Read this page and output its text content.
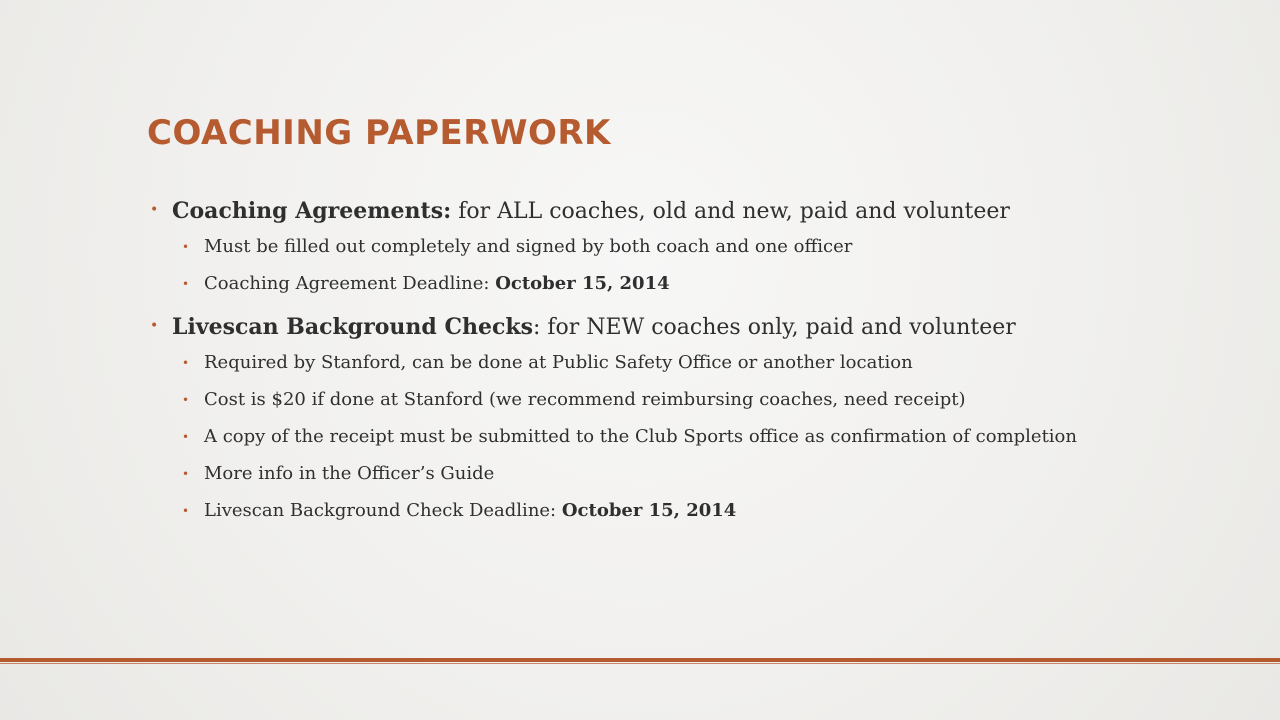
COACHING PAPERWORK
• Coaching Agreements: for ALL coaches, old and new, paid and volunteer
• Must be filled out completely and signed by both coach and one officer
• Coaching Agreement Deadline: October 15, 2014
• Livescan Background Checks: for NEW coaches only, paid and volunteer
• Required by Stanford, can be done at Public Safety Office or another location
• Cost is $20 if done at Stanford (we recommend reimbursing coaches, need receipt)
• A copy of the receipt must be submitted to the Club Sports office as confirmation of completion
• More info in the Officer’s Guide
• Livescan Background Check Deadline: October 15, 2014
